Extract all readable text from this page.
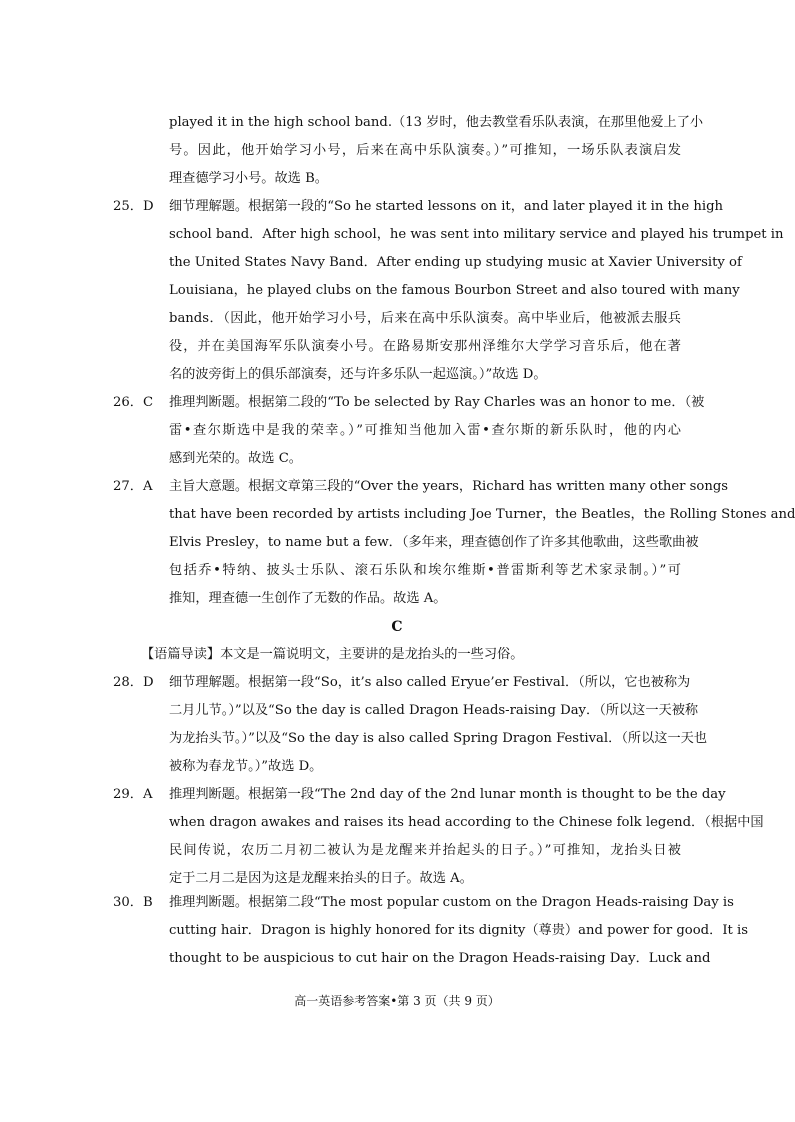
played it in the high school band.（13 岁时，他去教堂看乐队表演，在那里他爱上了小
号。因此，他开始学习小号，后来在高中乐队演奏。）”可推知，一场乐队表演启发
理查德学习小号。故选 B。
25． D	细节理解题。根据第一段的“So he started lessons on it，and later played it in the high
school band．After high school，he was sent into military service and played his trumpet in
the United States Navy Band．After ending up studying music at Xavier University of
Louisiana，he played clubs on the famous Bourbon Street and also toured with many
bands．（因此，他开始学习小号，后来在高中乐队演奏。高中毕业后，他被派去服兵
役，并在美国海军乐队演奏小号。在路易斯安那州泽维尔大学学习音乐后，他在著
名的波旁街上的俱乐部演奏，还与许多乐队一起巡演。）”故选 D。
26． C	推理判断题。根据第二段的“To be selected by Ray Charles was an honor to me．（被
雷•查尔斯选中是我的荣幸。）”可推知当他加入雷•查尔斯的新乐队时，他的内心
感到光荣的。故选 C。
27． A	主旨大意题。根据文章第三段的“Over the years，Richard has written many other songs
that have been recorded by artists including Joe Turner，the Beatles，the Rolling Stones and
Elvis Presley，to name but a few．（多年来，理查德创作了许多其他歌曲，这些歌曲被
包括乔•特纳、披头士乐队、滚石乐队和埃尔维斯•普雷斯利等艺术家录制。）”可
推知，理查德一生创作了无数的作品。故选 A。
C
【语篇导读】本文是一篇说明文，主要讲的是龙抬头的一些习俗。
28． D	细节理解题。根据第一段“So，it’s also called Eryue’er Festival．（所以，它也被称为
二月儿节。）”以及“So the day is called Dragon Heads-raising Day．（所以这一天被称
为龙抬头节。）”以及“So the day is also called Spring Dragon Festival．（所以这一天也
被称为春龙节。）”故选 D。
29． A	推理判断题。根据第一段“The 2nd day of the 2nd lunar month is thought to be the day
when dragon awakes and raises its head according to the Chinese folk legend．（根据中国
民间传说，农历二月初二被认为是龙醒来并抬起头的日子。）”可推知，龙抬头日被
定于二月二是因为这是龙醒来抬头的日子。故选 A。
30． B	推理判断题。根据第二段“The most popular custom on the Dragon Heads-raising Day is
cutting hair．Dragon is highly honored for its dignity（尊贵）and power for good．It is
thought to be auspicious to cut hair on the Dragon Heads-raising Day．Luck and
高一英语参考答案•第 3 页（共 9 页）
